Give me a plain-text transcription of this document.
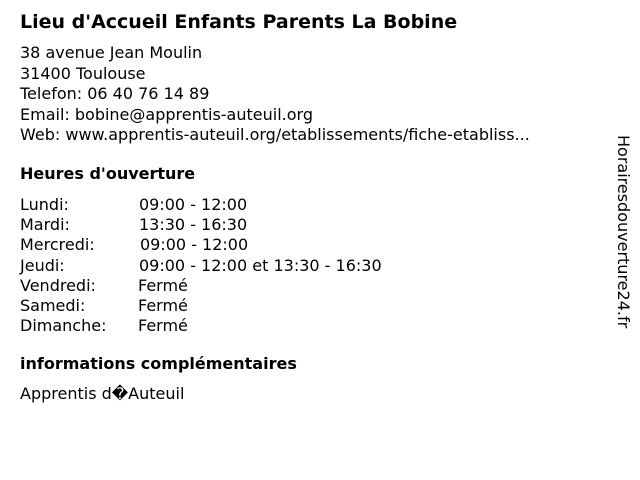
Lieu d'Accueil Enfants Parents La Bobine
38 avenue Jean Moulin
31400 Toulouse
Telefon: 06 40 76 14 89
Email: bobine@apprentis-auteuil.org
Web: www.apprentis-auteuil.org/etablissements/fiche-etabliss...
Heures d'ouverture
Lundi:	09:00 - 12:00
Mardi:	13:30 - 16:30
Mercredi:	09:00 - 12:00
Jeudi:	09:00 - 12:00 et 13:30 - 16:30
Vendredi:	Fermé
Samedi:	Fermé
Dimanche: Fermé
informations complémentaires
Apprentis d�Auteuil
Horairesdouverture24.fr
